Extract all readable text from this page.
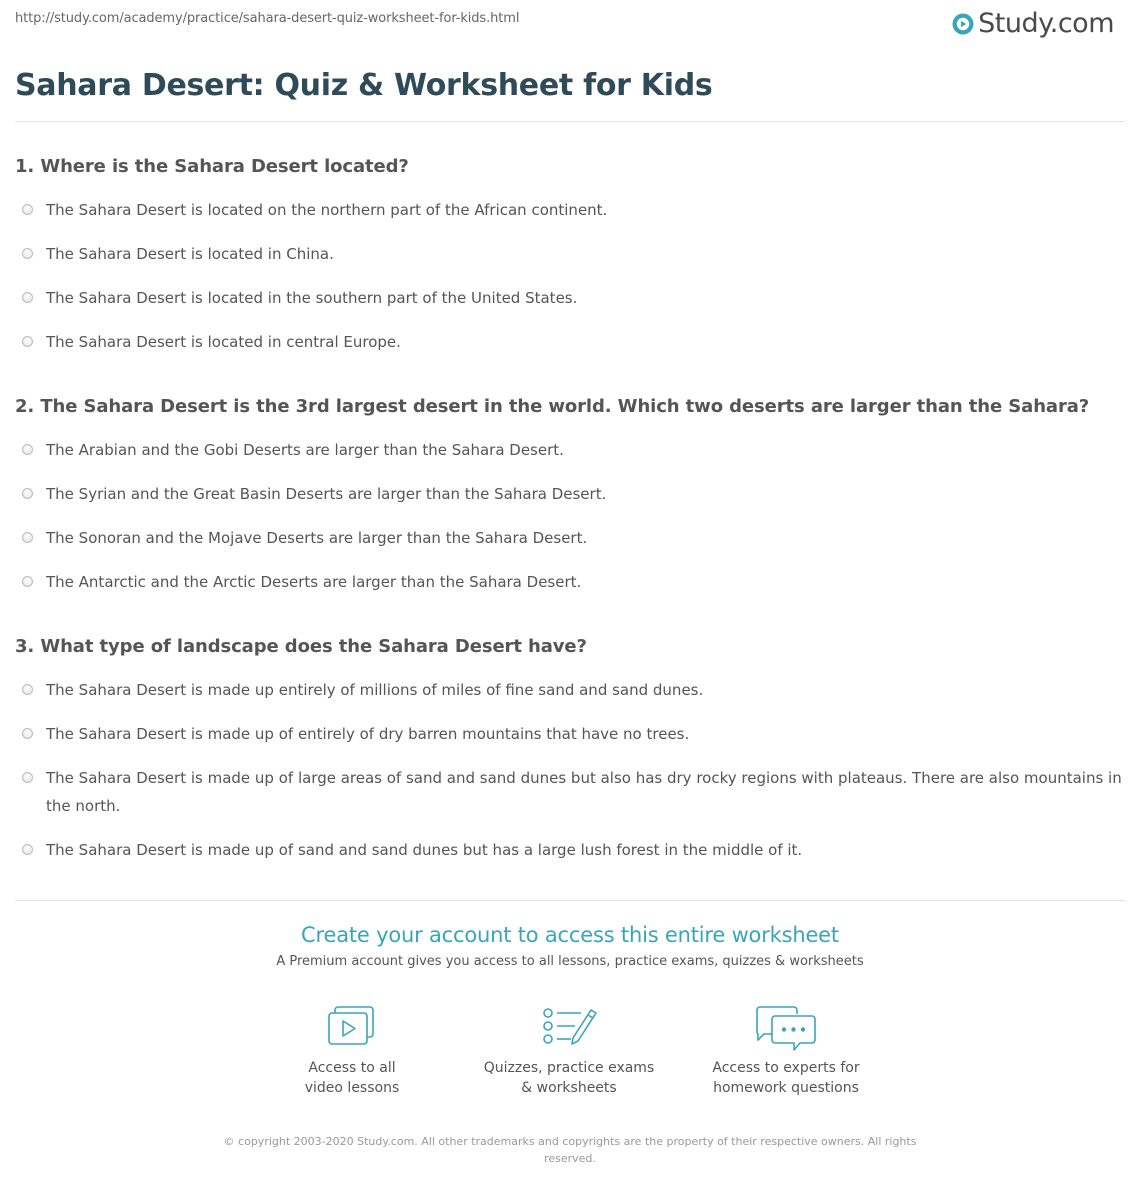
http://study.com/academy/practice/sahara-desert-quiz-worksheet-for-kids.html	Study.com
Sahara Desert: Quiz & Worksheet for Kids
1. Where is the Sahara Desert located?
The Sahara Desert is located on the northern part of the African continent.
The Sahara Desert is located in China.
The Sahara Desert is located in the southern part of the United States.
The Sahara Desert is located in central Europe.
2. The Sahara Desert is the 3rd largest desert in the world. Which two deserts are larger than the Sahara?
The Arabian and the Gobi Deserts are larger than the Sahara Desert.
The Syrian and the Great Basin Deserts are larger than the Sahara Desert.
The Sonoran and the Mojave Deserts are larger than the Sahara Desert.
The Antarctic and the Arctic Deserts are larger than the Sahara Desert.
3. What type of landscape does the Sahara Desert have?
The Sahara Desert is made up entirely of millions of miles of fine sand and sand dunes.
The Sahara Desert is made up of entirely of dry barren mountains that have no trees.
The Sahara Desert is made up of large areas of sand and sand dunes but also has dry rocky regions with plateaus. There are also mountains in the north.
The Sahara Desert is made up of sand and sand dunes but has a large lush forest in the middle of it.
Create your account to access this entire worksheet
A Premium account gives you access to all lessons, practice exams, quizzes & worksheets
Access to all
video lessons
Quizzes, practice exams
& worksheets
Access to experts for
homework questions
© copyright 2003-2020 Study.com. All other trademarks and copyrights are the property of their respective owners. All rights reserved.
